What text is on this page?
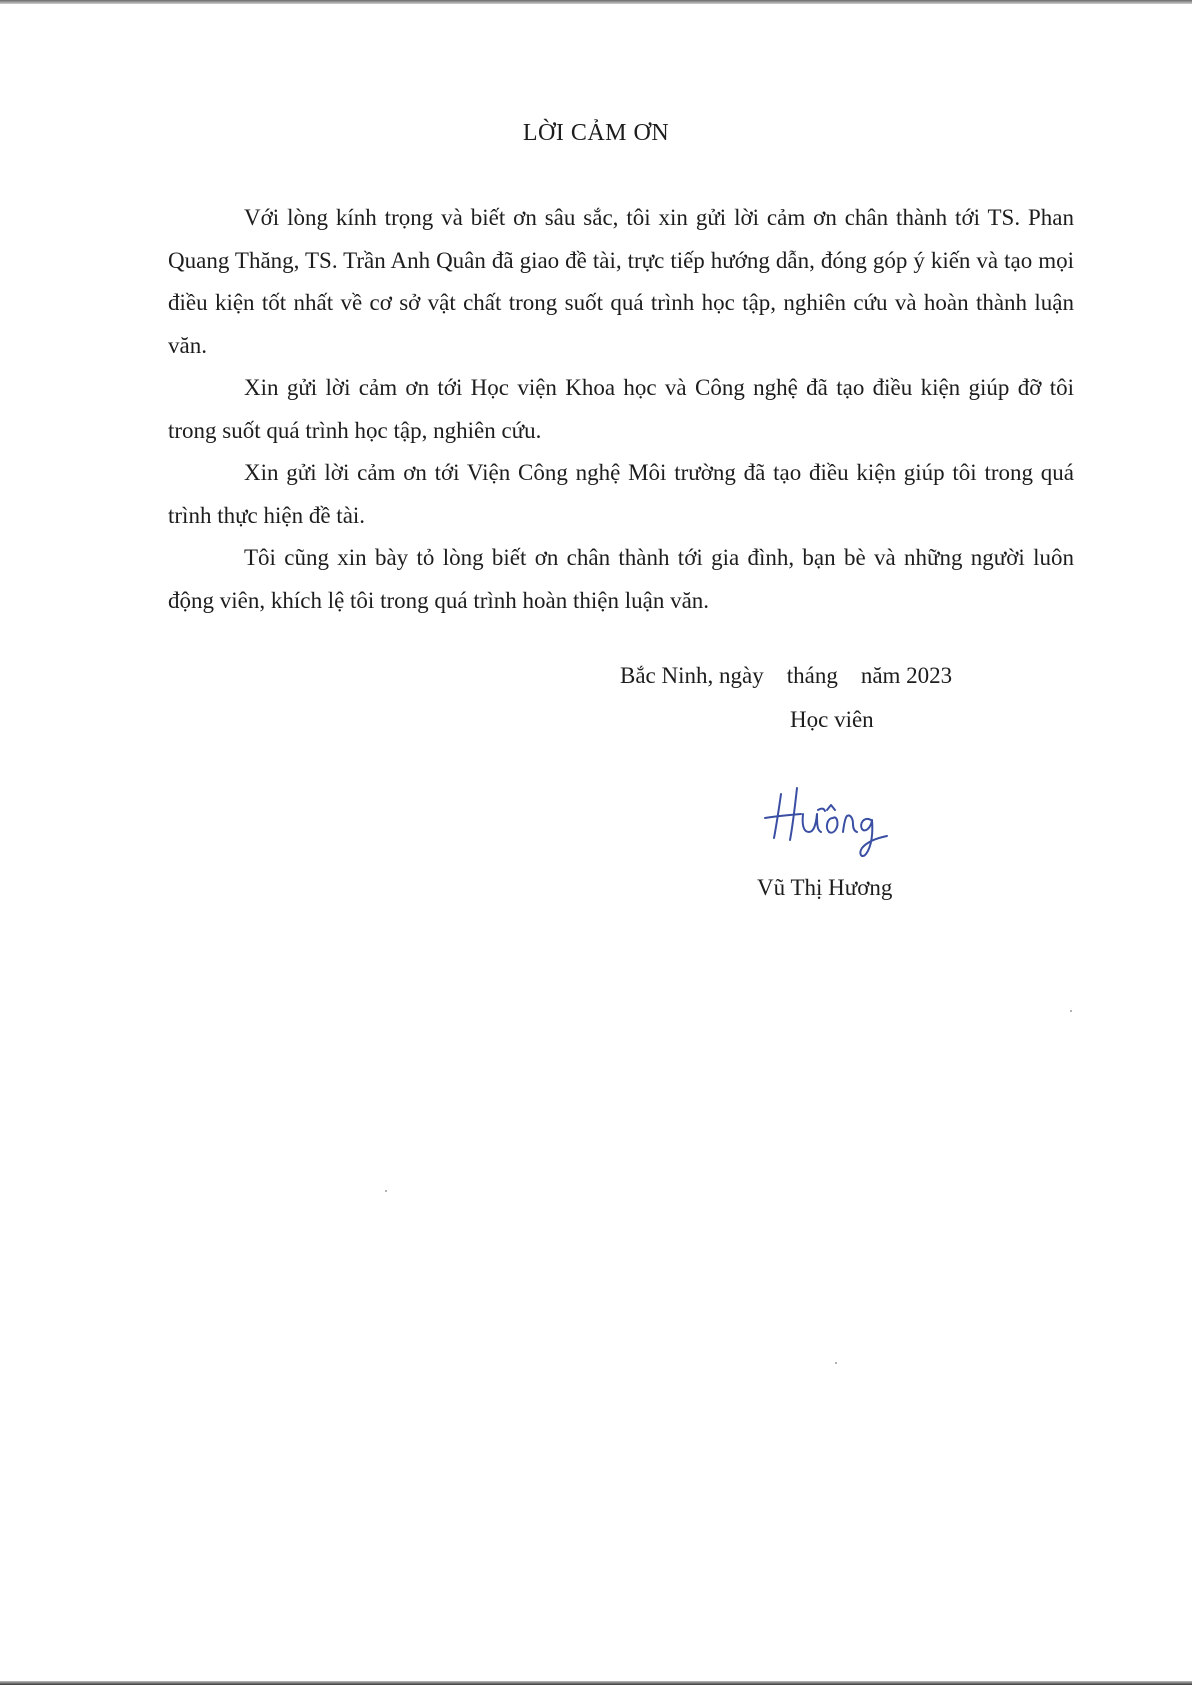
LỜI CẢM ƠN

Với lòng kính trọng và biết ơn sâu sắc, tôi xin gửi lời cảm ơn chân thành tới TS. Phan Quang Thăng, TS. Trần Anh Quân đã giao đề tài, trực tiếp hướng dẫn, đóng góp ý kiến và tạo mọi điều kiện tốt nhất về cơ sở vật chất trong suốt quá trình học tập, nghiên cứu và hoàn thành luận văn.

Xin gửi lời cảm ơn tới Học viện Khoa học và Công nghệ đã tạo điều kiện giúp đỡ tôi trong suốt quá trình học tập, nghiên cứu.

Xin gửi lời cảm ơn tới Viện Công nghệ Môi trường đã tạo điều kiện giúp tôi trong quá trình thực hiện đề tài.

Tôi cũng xin bày tỏ lòng biết ơn chân thành tới gia đình, bạn bè và những người luôn động viên, khích lệ tôi trong quá trình hoàn thiện luận văn.

Bắc Ninh, ngày    tháng    năm 2023
Học viên
Vũ Thị Hương
